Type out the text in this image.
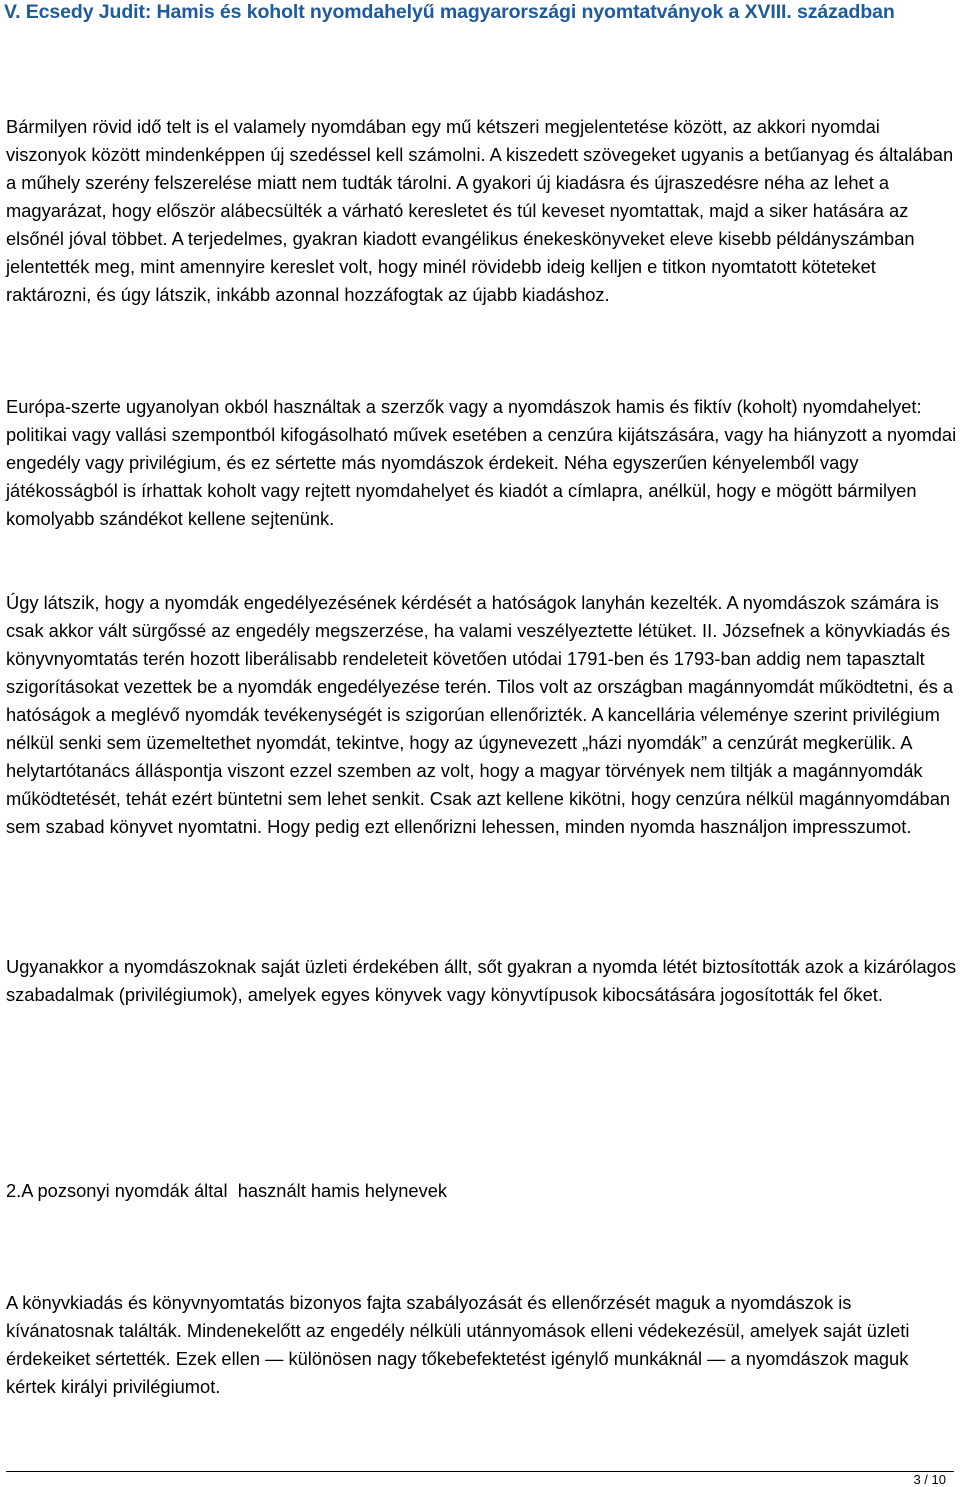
V. Ecsedy Judit: Hamis és koholt nyomdahelyű magyarországi nyomtatványok a XVIII. században

Bármilyen rövid idő telt is el valamely nyomdában egy mű kétszeri megjelentetése között, az akkori nyomdai viszonyok között mindenképpen új szedéssel kell számolni. A kiszedett szövegeket ugyanis a betűanyag és általában a műhely szerény felszerelése miatt nem tudták tárolni. A gyakori új kiadásra és újraszedésre néha az lehet a magyarázat, hogy először alábecsülték a várható keresletet és túl keveset nyomtattak, majd a siker hatására az elsőnél jóval többet. A terjedelmes, gyakran kiadott evangélikus énekeskönyveket eleve kisebb példányszámban jelentették meg, mint amennyire kereslet volt, hogy minél rövidebb ideig kelljen e titkon nyomtatott köteteket raktározni, és úgy látszik, inkább azonnal hozzáfogtak az újabb kiadáshoz.

Európa-szerte ugyanolyan okból használtak a szerzők vagy a nyomdászok hamis és fiktív (koholt) nyomdahelyet: politikai vagy vallási szempontból kifogásolható művek esetében a cenzúra kijátszására, vagy ha hiányzott a nyomdai engedély vagy privilégium, és ez sértette más nyomdászok érdekeit. Néha egyszerűen kényelemből vagy játékosságból is írhattak koholt vagy rejtett nyomdahelyet és kiadót a címlapra, anélkül, hogy e mögött bármilyen komolyabb szándékot kellene sejtenünk.

Úgy látszik, hogy a nyomdák engedélyezésének kérdését a hatóságok lanyhán kezelték. A nyomdászok számára is csak akkor vált sürgőssé az engedély megszerzése, ha valami veszélyeztette létüket. II. Józsefnek a könyvkiadás és könyvnyomtatás terén hozott liberálisabb rendeleteit követően utódai 1791-ben és 1793-ban addig nem tapasztalt szigorításokat vezettek be a nyomdák engedélyezése terén. Tilos volt az országban magánnyomdát működtetni, és a hatóságok a meglévő nyomdák tevékenységét is szigorúan ellenőrizték. A kancellária véleménye szerint privilégium nélkül senki sem üzemeltethet nyomdát, tekintve, hogy az úgynevezett „házi nyomdák” a cenzúrát megkerülik. A helytartótanács álláspontja viszont ezzel szemben az volt, hogy a magyar törvények nem tiltják a magánnyomdák működtetését, tehát ezért büntetni sem lehet senkit. Csak azt kellene kikötni, hogy cenzúra nélkül magánnyomdában sem szabad könyvet nyomtatni. Hogy pedig ezt ellenőrizni lehessen, minden nyomda használjon impresszumot.

Ugyanakkor a nyomdászoknak saját üzleti érdekében állt, sőt gyakran a nyomda létét biztosították azok a kizárólagos szabadalmak (privilégiumok), amelyek egyes könyvek vagy könyvtípusok kibocsátására jogosították fel őket.

2.A pozsonyi nyomdák által  használt hamis helynevek

A könyvkiadás és könyvnyomtatás bizonyos fajta szabályozását és ellenőrzését maguk a nyomdászok is kívánatosnak találták. Mindenekelőtt az engedély nélküli utánnyomások elleni védekezésül, amelyek saját üzleti érdekeiket sértették. Ezek ellen — különösen nagy tőkebefektetést igénylő munkáknál — a nyomdászok maguk kértek királyi privilégiumot.

3 / 10
